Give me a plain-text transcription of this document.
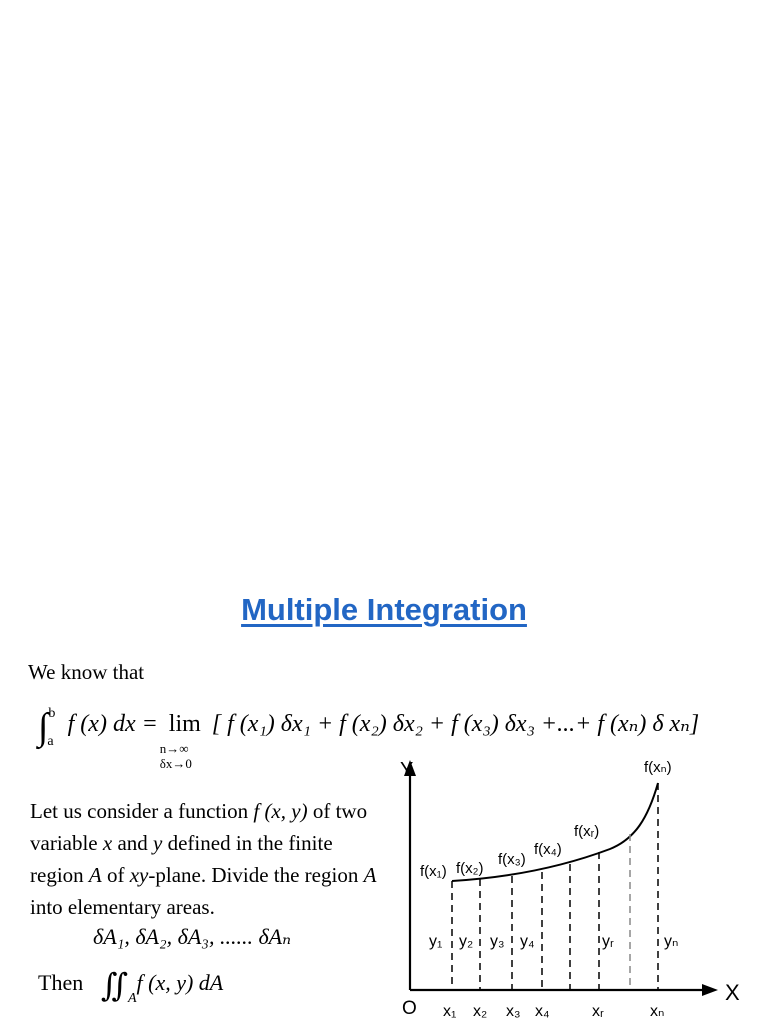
Multiple Integration
We know that
∫$^b_a$ f (x) dx = lim
n→∞
δx→0
[ f (x₁) δx₁ + f (x₂) δx₂ + f (x₃) δx₃ +...+ f (xₙ) δ xₙ]
Let us consider a function f (x, y) of two variable x and y defined in the finite region A of xy-plane. Divide the region A into elementary areas.
δA₁, δA₂, δA₃, ...... δAₙ
Then $∬_Af$ (x, y) dA
Y
X
O x₁ x₂ x₃ x₄	xᵣ	xₙ
y₁ y₂ y₃ y₄	yᵣ	yₙ
f(x₁) f(x₂)
f(x₃)
f(x₄)
f(xᵣ)
f(xₙ)
